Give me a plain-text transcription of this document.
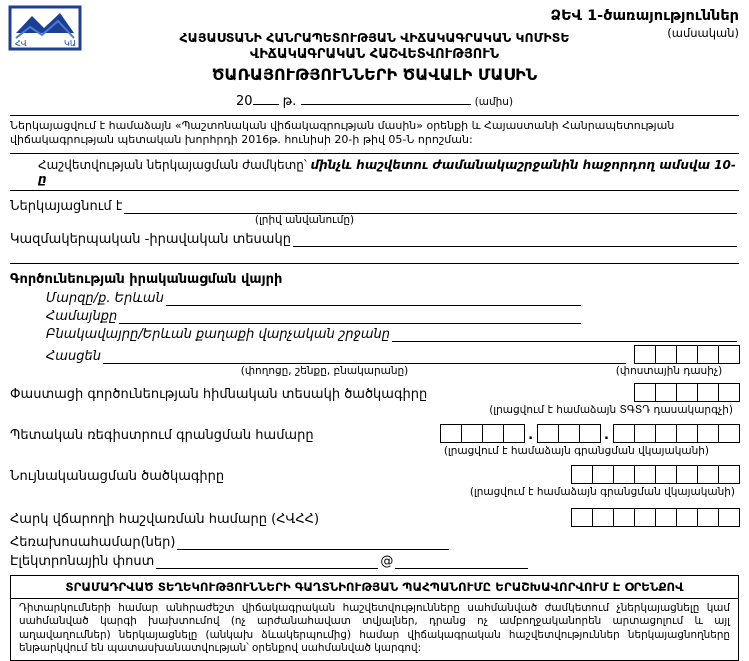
ՀՎ	ԿԱ
ՁԵՎ 1-ծառայություններ
(ամսական)
ՀԱՅԱՍՏԱՆԻ ՀԱՆՐԱՊԵՏՈՒԹՅԱՆ ՎԻՃԱԿԱԳՐԱԿԱՆ ԿՈՄԻՏԵ
ՎԻՃԱԿԱԳՐԱԿԱՆ ՀԱՇՎԵՏՎՈՒԹՅՈՒՆ
ԾԱՌԱՅՈՒԹՅՈՒՆՆԵՐԻ ԾԱՎԱԼԻ ՄԱՍԻՆ
20 թ.	(ամիս)
Ներկայացվում է համաձայն «Պաշտոնական վիճակագրության մասին» օրենքի և Հայաստանի Հանրապետության վիճակագրության պետական խորհրդի 2016թ. հունիսի 20-ի թիվ 05-Ն որոշման:
Հաշվետվության ներկայացման ժամկետը՝ մինչև հաշվետու ժամանակաշրջանին հաջորդող ամսվա 10-ը
Ներկայացնում է
(լրիվ անվանումը)
Կազմակերպական -իրավական տեսակը
Գործունեության իրականացման վայրի
Մարզը/ք. Երևան
Համայնքը
Բնակավայրը/Երևան քաղաքի վարչական շրջանը
Հասցեն
(փողոցը, շենքը, բնակարանը)	(փոստային դասիչ)
Փաստացի գործունեության հիմնական տեսակի ծածկագիրը
(լրացվում է համաձայն ՏԳՏԴ դասակարգչի)
Պետական ռեգիստրում գրանցման համարը	.	.
(լրացվում է համաձայն գրանցման վկայականի)
Նույնականացման ծածկագիրը
(լրացվում է համաձայն գրանցման վկայականի)
Հարկ վճարողի հաշվառման համարը (ՀՎՀՀ)
Հեռախոսահամար(ներ)
Էլեկտրոնային փոստ	@
ՏՐԱՄԱԴՐՎԱԾ ՏԵՂԵԿՈՒԹՅՈՒՆՆԵՐԻ ԳԱՂՏՆԻՈՒԹՅԱՆ ՊԱՀՊԱՆՈՒՄԸ ԵՐԱՇԽԱՎՈՐՎՈՒՄ Է ՕՐԵՆՔՈՎ
Դիտարկումների համար անհրաժեշտ վիճակագրական հաշվետվությունները սահմանված ժամկետում չներկայացնելը կամ սահմանված կարգի խախտումով (ոչ արժանահավատ տվյալներ, դրանց ոչ ամբողջականորեն արտացոլում և այլ աղավաղումներ) ներկայացնելը (անկախ ձևակերպումից) համար վիճակագրական հաշվետվություններ ներկայացնողները ենթարկվում են պատասխանատվության՝ օրենքով սահմանված կարգով:
